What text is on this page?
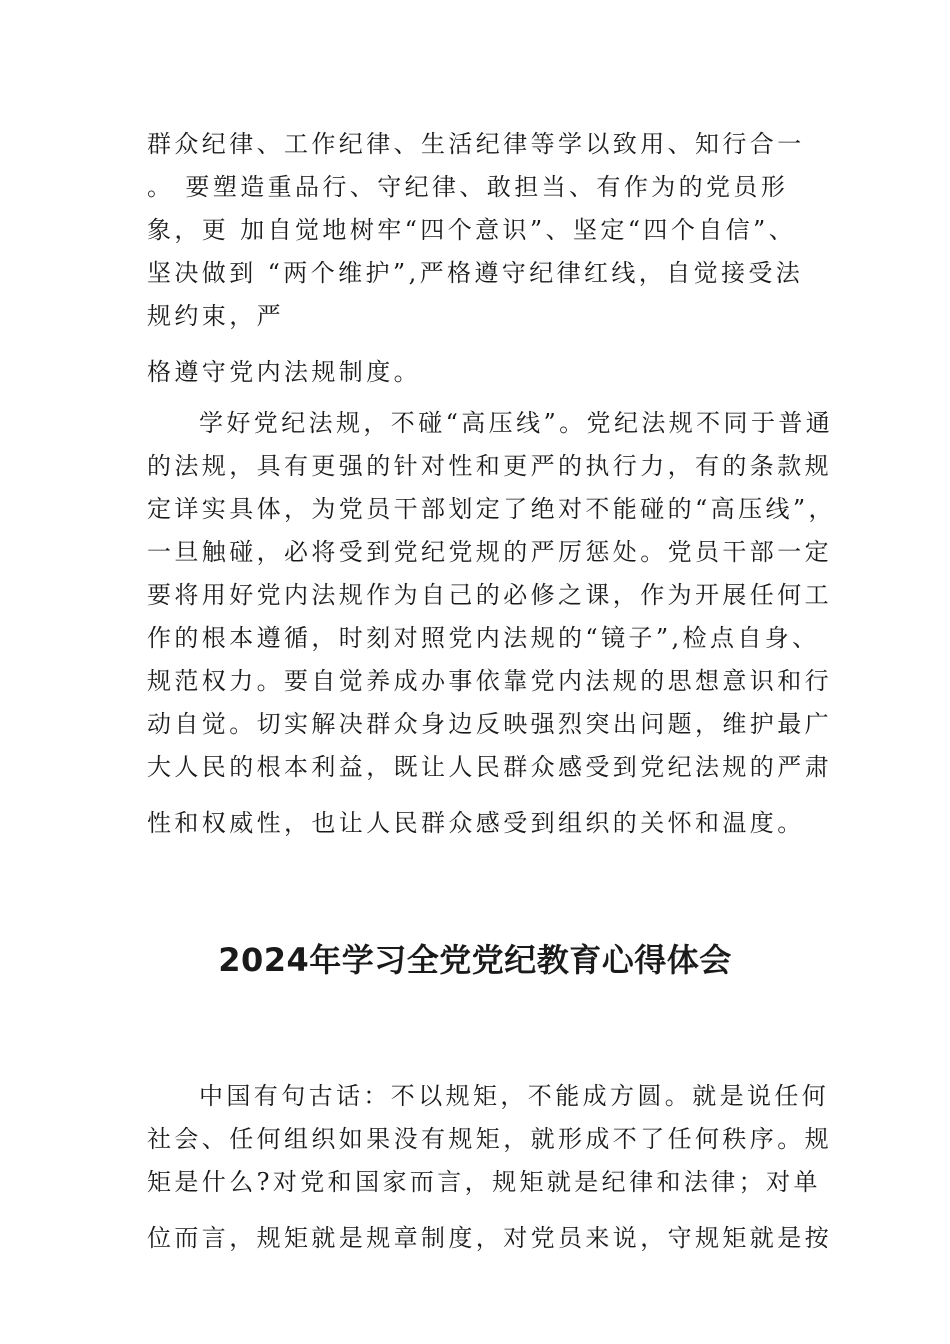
群众纪律、工作纪律、生活纪律等学以致用、知行合一
。 要塑造重品行、守纪律、敢担当、有作为的党员形
象，更 加自觉地树牢“四个意识”、坚定“四个自信”、
坚决做到 “两个维护”,严格遵守纪律红线，自觉接受法
规约束，严
格遵守党内法规制度。
学好党纪法规，不碰“高压线”。党纪法规不同于普通
的法规，具有更强的针对性和更严的执行力，有的条款规
定详实具体，为党员干部划定了绝对不能碰的“高压线”，
一旦触碰，必将受到党纪党规的严厉惩处。党员干部一定
要将用好党内法规作为自己的必修之课，作为开展任何工
作的根本遵循，时刻对照党内法规的“镜子”,检点自身、
规范权力。要自觉养成办事依靠党内法规的思想意识和行
动自觉。切实解决群众身边反映强烈突出问题，维护最广
大人民的根本利益，既让人民群众感受到党纪法规的严肃
性和权威性，也让人民群众感受到组织的关怀和温度。
2024年学习全党党纪教育心得体会
中国有句古话：不以规矩，不能成方圆。就是说任何
社会、任何组织如果没有规矩，就形成不了任何秩序。规
矩是什么?对党和国家而言，规矩就是纪律和法律；对单
位而言，规矩就是规章制度，对党员来说，守规矩就是按
